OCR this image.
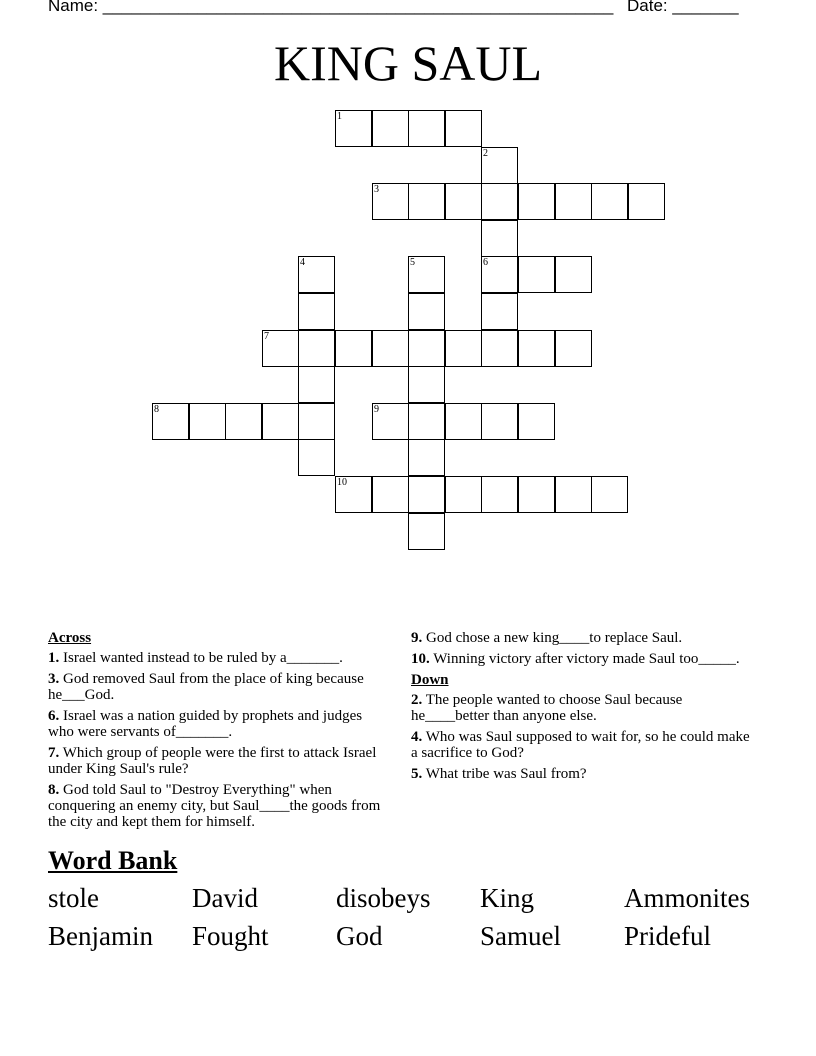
Name: ______________________________________________________ Date: _______
KING SAUL
1
2
3
4	5	6
7
8	9
10
Across
1. Israel wanted instead to be ruled by a_______.
3. God removed Saul from the place of king because he___God.
6. Israel was a nation guided by prophets and judges who were servants of_______.
7. Which group of people were the first to attack Israel under King Saul's rule?
8. God told Saul to "Destroy Everything" when conquering an enemy city, but Saul____the goods from the city and kept them for himself.
9. God chose a new king____to replace Saul.
10. Winning victory after victory made Saul too_____.
Down
2. The people wanted to choose Saul because he____better than anyone else.
4. Who was Saul supposed to wait for, so he could make a sacrifice to God?
5. What tribe was Saul from?
Word Bank
stole	David	disobeys	King	Ammonites
Benjamin	Fought	God	Samuel	Prideful
